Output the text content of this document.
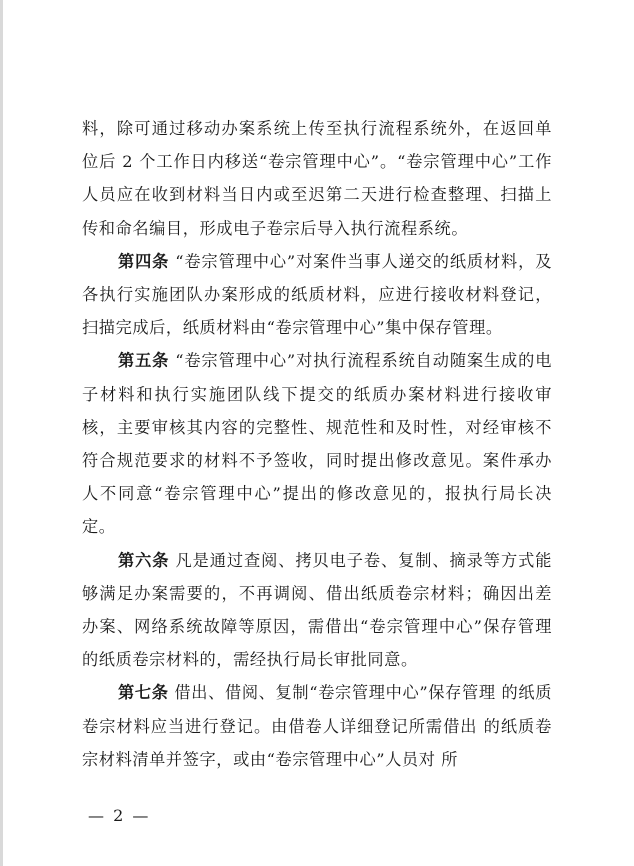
料，除可通过移动办案系统上传至执行流程系统外，在返回单位后 2 个工作日内移送“卷宗管理中心”。“卷宗管理中心”工作人员应在收到材料当日内或至迟第二天进行检查整理、扫描上传和命名编目，形成电子卷宗后导入执行流程系统。

第四条 “卷宗管理中心”对案件当事人递交的纸质材料，及各执行实施团队办案形成的纸质材料，应进行接收材料登记，扫描完成后，纸质材料由“卷宗管理中心”集中保存管理。

第五条 “卷宗管理中心”对执行流程系统自动随案生成的电子材料和执行实施团队线下提交的纸质办案材料进行接收审核，主要审核其内容的完整性、规范性和及时性，对经审核不符合规范要求的材料不予签收，同时提出修改意见。案件承办人不同意“卷宗管理中心”提出的修改意见的，报执行局长决定。

第六条 凡是通过查阅、拷贝电子卷、复制、摘录等方式能够满足办案需要的，不再调阅、借出纸质卷宗材料；确因出差办案、网络系统故障等原因，需借出“卷宗管理中心”保存管理的纸质卷宗材料的，需经执行局长审批同意。

第七条 借出、借阅、复制“卷宗管理中心”保存管理 的纸质卷宗材料应当进行登记。由借卷人详细登记所需借出 的纸质卷宗材料清单并签字，或由“卷宗管理中心”人员对 所

— 2 —
